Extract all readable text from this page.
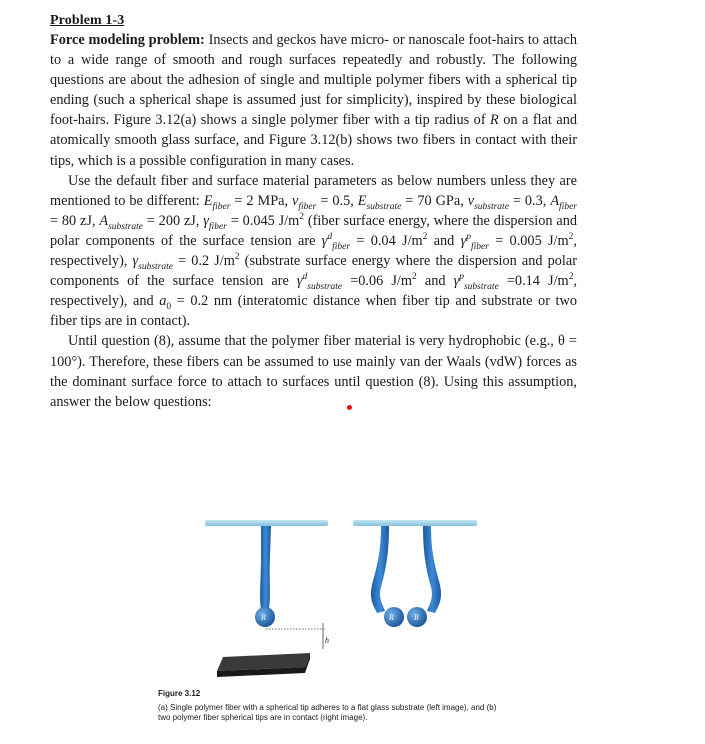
Problem 1-3

Force modeling problem: Insects and geckos have micro- or nanoscale foot-hairs to attach to a wide range of smooth and rough surfaces repeatedly and robustly. The following questions are about the adhesion of single and multiple polymer fibers with a spherical tip ending (such a spherical shape is assumed just for simplicity), inspired by these biological foot-hairs. Figure 3.12(a) shows a single polymer fiber with a tip radius of R on a flat and atomically smooth glass surface, and Figure 3.12(b) shows two fibers in contact with their tips, which is a possible configuration in many cases.

Use the default fiber and surface material parameters as below numbers unless they are mentioned to be different: $E_{fiber} = 2$ MPa, $\nu_{fiber} = 0.5$, $E_{substrate} = 70$ GPa, $\nu_{substrate} = 0.3$, $A_{fiber} = 80$ zJ, $A_{substrate} = 200$ zJ, $\gamma_{fiber} = 0.045$ $J/m^2$ (fiber surface energy, where the dispersion and polar components of the surface tension are $\gamma^d_{fiber} = 0.04$ $J/m^2$ and $\gamma^p_{fiber} = 0.005$ $J/m^2$, respectively), $\gamma_{substrate} = 0.2$ $J/m^2$ (substrate surface energy where the dispersion and polar components of the surface tension are $\gamma^d_{substrate} =0.06$ $J/m^2$ and $\gamma^p_{substrate} =0.14$ $J/m^2$, respectively), and $a_0 = 0.2$ nm (interatomic distance when fiber tip and substrate or two fiber tips are in contact).

Until question (8), assume that the polymer fiber material is very hydrophobic (e.g., θ = 100°). Therefore, these fibers can be assumed to use mainly van der Waals (vdW) forces as the dominant surface force to attach to surfaces until question (8). Using this assumption, answer the below questions:

R	R	R
h
Figure 3.12
(a) Single polymer fiber with a spherical tip adheres to a flat glass substrate (left image), and (b)
two polymer fiber spherical tips are in contact (right image).
